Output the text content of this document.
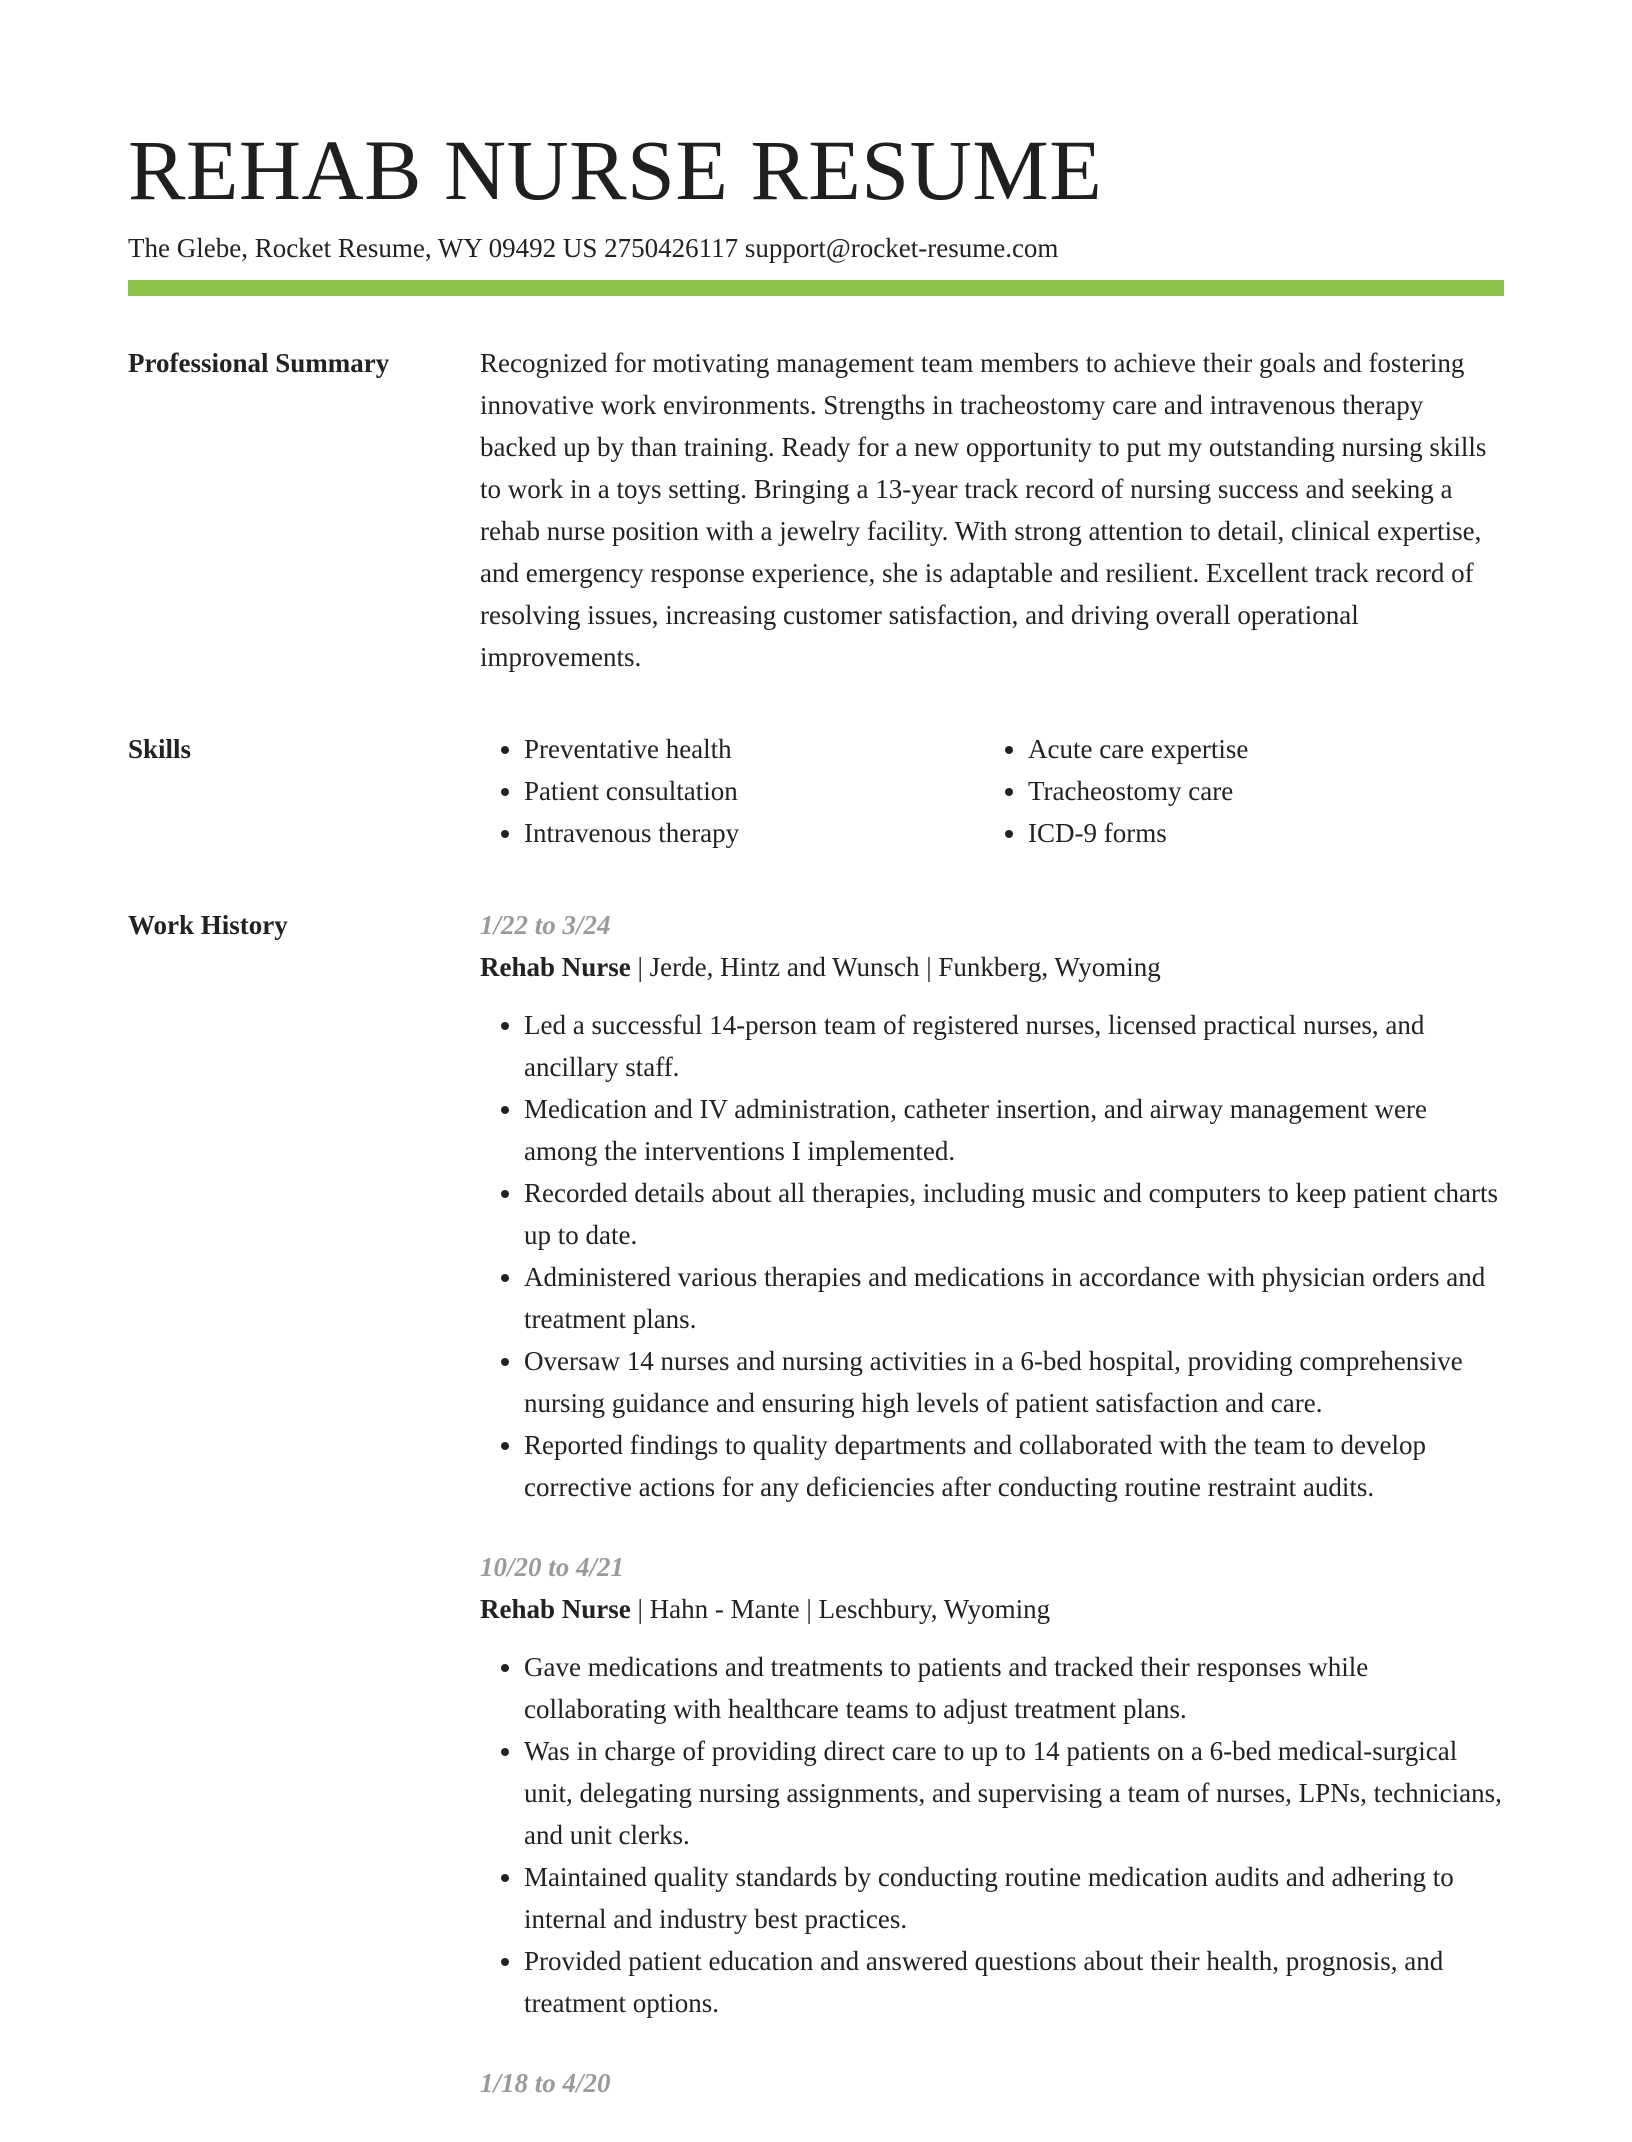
REHAB NURSE RESUME
The Glebe, Rocket Resume, WY 09492 US 2750426117 support@rocket-resume.com
Professional Summary	Recognized for motivating management team members to achieve their goals and fostering innovative work environments. Strengths in tracheostomy care and intravenous therapy backed up by than training. Ready for a new opportunity to put my outstanding nursing skills to work in a toys setting. Bringing a 13-year track record of nursing success and seeking a rehab nurse position with a jewelry facility. With strong attention to detail, clinical expertise, and emergency response experience, she is adaptable and resilient. Excellent track record of resolving issues, increasing customer satisfaction, and driving overall operational improvements.

Skills
•	Preventative health
• Patient consultation
• Intravenous therapy
• Acute care expertise
• Tracheostomy care
• ICD-9 forms
Work History	1/22 to 3/24
Rehab Nurse | Jerde, Hintz and Wunsch | Funkberg, Wyoming
• Led a successful 14-person team of registered nurses, licensed practical nurses, and ancillary staff.
• Medication and IV administration, catheter insertion, and airway management were among the interventions I implemented.
• Recorded details about all therapies, including music and computers to keep patient charts up to date.
• Administered various therapies and medications in accordance with physician orders and treatment plans.
• Oversaw 14 nurses and nursing activities in a 6-bed hospital, providing comprehensive nursing guidance and ensuring high levels of patient satisfaction and care.
• Reported findings to quality departments and collaborated with the team to develop corrective actions for any deficiencies after conducting routine restraint audits.
10/20 to 4/21
Rehab Nurse | Hahn - Mante | Leschbury, Wyoming
• Gave medications and treatments to patients and tracked their responses while collaborating with healthcare teams to adjust treatment plans.
• Was in charge of providing direct care to up to 14 patients on a 6-bed medical-surgical unit, delegating nursing assignments, and supervising a team of nurses, LPNs, technicians, and unit clerks.
• Maintained quality standards by conducting routine medication audits and adhering to internal and industry best practices.
• Provided patient education and answered questions about their health, prognosis, and treatment options.
1/18 to 4/20
